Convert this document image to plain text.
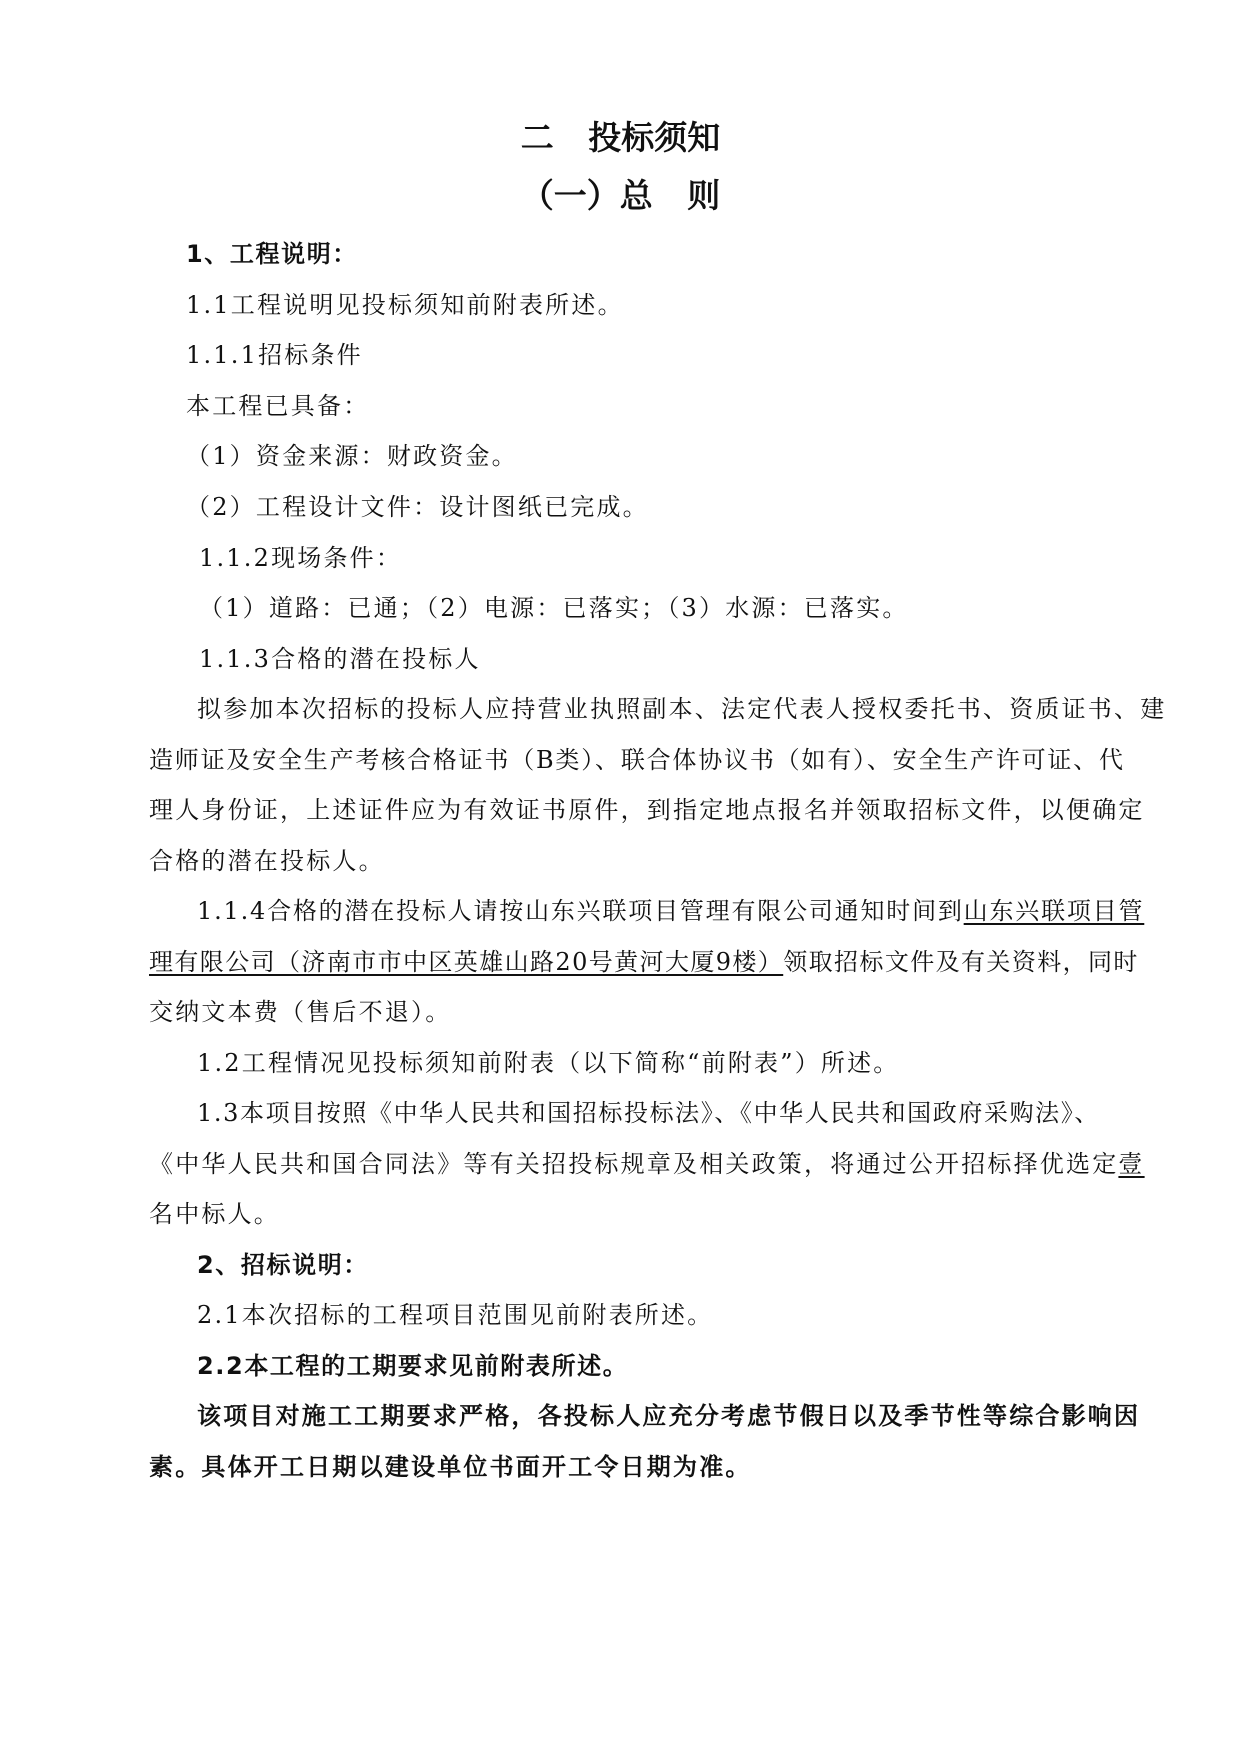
二   投标须知
（一）总   则
1、工程说明：
1.1工程说明见投标须知前附表所述。
1.1.1招标条件
本工程已具备：
（1）资金来源：财政资金。
（2）工程设计文件：设计图纸已完成。
1.1.2现场条件：
（1）道路：已通；（2）电源：已落实；（3）水源：已落实。
1.1.3合格的潜在投标人
拟参加本次招标的投标人应持营业执照副本、法定代表人授权委托书、资质证书、建
造师证及安全生产考核合格证书（B类）、联合体协议书（如有）、安全生产许可证、代
理人身份证，上述证件应为有效证书原件，到指定地点报名并领取招标文件，以便确定
合格的潜在投标人。
1.1.4合格的潜在投标人请按山东兴联项目管理有限公司通知时间到山东兴联项目管
理有限公司（济南市市中区英雄山路20号黄河大厦9楼）领取招标文件及有关资料，同时
交纳文本费（售后不退）。
1.2工程情况见投标须知前附表（以下简称“前附表”）所述。
1.3本项目按照《中华人民共和国招标投标法》、《中华人民共和国政府采购法》、
《中华人民共和国合同法》等有关招投标规章及相关政策，将通过公开招标择优选定壹
名中标人。
2、招标说明：
2.1本次招标的工程项目范围见前附表所述。
2.2本工程的工期要求见前附表所述。
该项目对施工工期要求严格，各投标人应充分考虑节假日以及季节性等综合影响因
素。具体开工日期以建设单位书面开工令日期为准。
